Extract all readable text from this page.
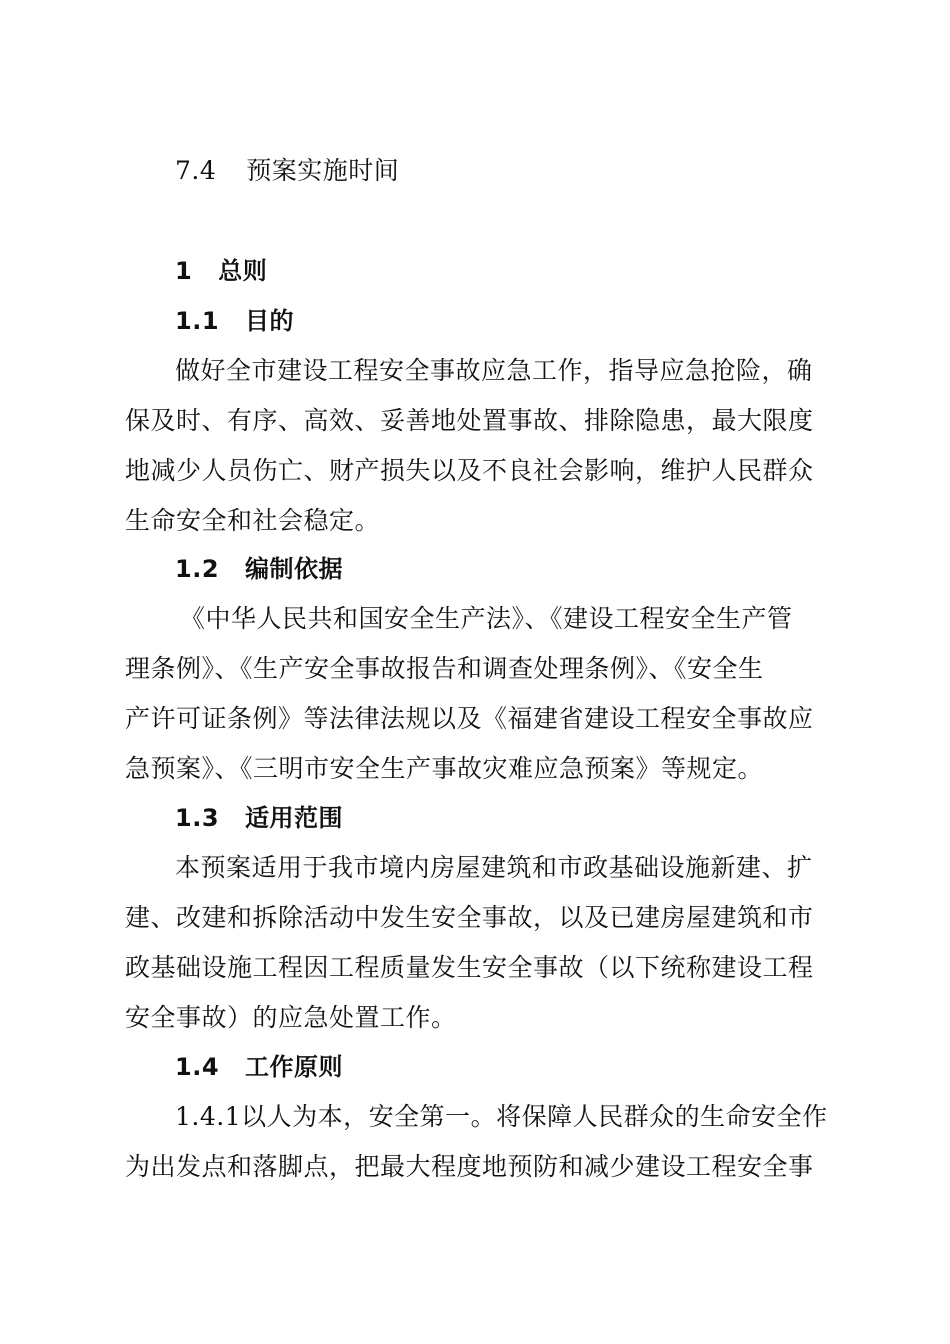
7.4 预案实施时间
1 总则
1.1 目的
做好全市建设工程安全事故应急工作，指导应急抢险，确
保及时、有序、高效、妥善地处置事故、排除隐患，最大限度
地减少人员伤亡、财产损失以及不良社会影响，维护人民群众
生命安全和社会稳定。
1.2 编制依据
《中华人民共和国安全生产法》、《建设工程安全生产管
理条例》、《生产安全事故报告和调查处理条例》、《安全生
产许可证条例》等法律法规以及《福建省建设工程安全事故应
急预案》、《三明市安全生产事故灾难应急预案》等规定。
1.3 适用范围
本预案适用于我市境内房屋建筑和市政基础设施新建、扩
建、改建和拆除活动中发生安全事故，以及已建房屋建筑和市
政基础设施工程因工程质量发生安全事故（以下统称建设工程
安全事故）的应急处置工作。
1.4 工作原则
1.4.1以人为本，安全第一。将保障人民群众的生命安全作
为出发点和落脚点，把最大程度地预防和减少建设工程安全事
